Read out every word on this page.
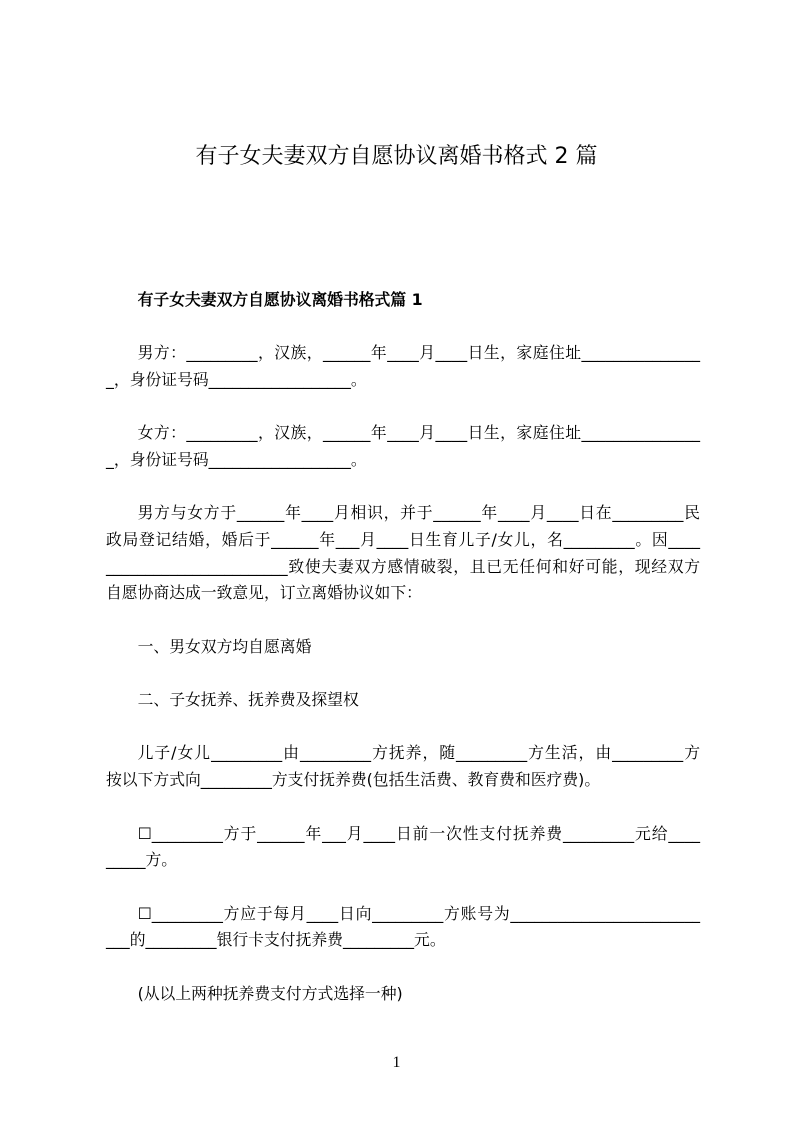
有子女夫妻双方自愿协议离婚书格式 2 篇

有子女夫妻双方自愿协议离婚书格式篇 1

男方：_________，汉族，______年____月____日生，家庭住址_______________
_，身份证号码__________________。

女方：_________，汉族，______年____月____日生，家庭住址_______________
_，身份证号码__________________。

男方与女方于______年____月相识，并于______年____月____日在_________民
政局登记结婚，婚后于______年___月____日生育儿子/女儿，名_________。因____
_______________________致使夫妻双方感情破裂，且已无任何和好可能，现经双方
自愿协商达成一致意见，订立离婚协议如下：

一、男女双方均自愿离婚

二、子女抚养、抚养费及探望权

儿子/女儿_________由_________方抚养，随_________方生活，由_________方
按以下方式向_________方支付抚养费(包括生活费、教育费和医疗费)。

☐_________方于______年___月____日前一次性支付抚养费_________元给____
_____方。

☐_________方应于每月____日向_________方账号为________________________
___的_________银行卡支付抚养费_________元。

(从以上两种抚养费支付方式选择一种)

1
